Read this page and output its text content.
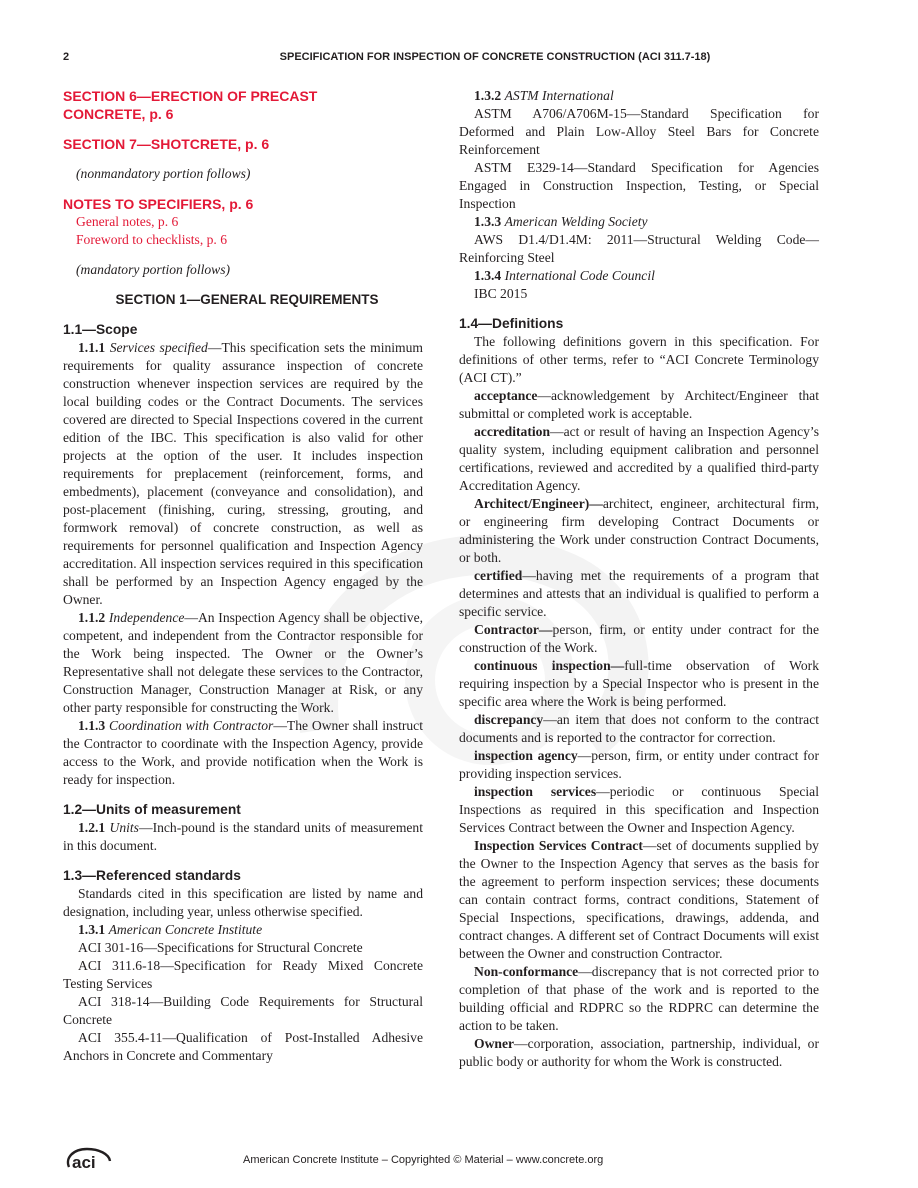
2	SPECIFICATION FOR INSPECTION OF CONCRETE CONSTRUCTION (ACI 311.7-18)
SECTION 6—ERECTION OF PRECAST CONCRETE, p. 6
SECTION 7—SHOTCRETE, p. 6
(nonmandatory portion follows)
NOTES TO SPECIFIERS, p. 6
General notes, p. 6
Foreword to checklists, p. 6
(mandatory portion follows)
SECTION 1—GENERAL REQUIREMENTS
1.1—Scope

1.1.1 Services specified—This specification sets the minimum requirements for quality assurance inspection of concrete construction whenever inspection services are required by the local building codes or the Contract Documents. The services covered are directed to Special Inspections covered in the current edition of the IBC. This specification is also valid for other projects at the option of the user. It includes inspection requirements for preplacement (reinforcement, forms, and embedments), placement (conveyance and consolidation), and post-placement (finishing, curing, stressing, grouting, and formwork removal) of concrete construction, as well as requirements for personnel qualification and Inspection Agency accreditation. All inspection services required in this specification shall be performed by an Inspection Agency engaged by the Owner.

1.1.2 Independence—An Inspection Agency shall be objective, competent, and independent from the Contractor responsible for the Work being inspected. The Owner or the Owner’s Representative shall not delegate these services to the Contractor, Construction Manager, Construction Manager at Risk, or any other party responsible for constructing the Work.

1.1.3 Coordination with Contractor—The Owner shall instruct the Contractor to coordinate with the Inspection Agency, provide access to the Work, and provide notification when the Work is ready for inspection.

1.2—Units of measurement

1.2.1 Units—Inch-pound is the standard units of measurement in this document.

1.3—Referenced standards

Standards cited in this specification are listed by name and designation, including year, unless otherwise specified.

1.3.1 American Concrete Institute

ACI 301-16—Specifications for Structural Concrete

ACI 311.6-18—Specification for Ready Mixed Concrete Testing Services

ACI 318-14—Building Code Requirements for Structural Concrete

ACI 355.4-11—Qualification of Post-Installed Adhesive Anchors in Concrete and Commentary

1.3.2 ASTM International

ASTM A706/A706M-15—Standard Specification for Deformed and Plain Low-Alloy Steel Bars for Concrete Reinforcement

ASTM E329-14—Standard Specification for Agencies Engaged in Construction Inspection, Testing, or Special Inspection

1.3.3 American Welding Society

AWS D1.4/D1.4M: 2011—Structural Welding Code—Reinforcing Steel

1.3.4 International Code Council

IBC 2015

1.4—Definitions

The following definitions govern in this specification. For definitions of other terms, refer to “ACI Concrete Terminology (ACI CT).”

acceptance—acknowledgement by Architect/Engineer that submittal or completed work is acceptable.

accreditation—act or result of having an Inspection Agency’s quality system, including equipment calibration and personnel certifications, reviewed and accredited by a qualified third-party Accreditation Agency.

Architect/Engineer)—architect, engineer, architectural firm, or engineering firm developing Contract Documents or administering the Work under construction Contract Documents, or both.

certified—having met the requirements of a program that determines and attests that an individual is qualified to perform a specific service.

Contractor—person, firm, or entity under contract for the construction of the Work.

continuous inspection—full-time observation of Work requiring inspection by a Special Inspector who is present in the specific area where the Work is being performed.

discrepancy—an item that does not conform to the contract documents and is reported to the contractor for correction.

inspection agency—person, firm, or entity under contract for providing inspection services.

inspection services—periodic or continuous Special Inspections as required in this specification and Inspection Services Contract between the Owner and Inspection Agency.

Inspection Services Contract—set of documents supplied by the Owner to the Inspection Agency that serves as the basis for the agreement to perform inspection services; these documents can contain contract forms, contract conditions, Statement of Special Inspections, specifications, drawings, addenda, and contract changes. A different set of Contract Documents will exist between the Owner and construction Contractor.

Non-conformance—discrepancy that is not corrected prior to completion of that phase of the work and is reported to the building official and RDPRC so the RDPRC can determine the action to be taken.

Owner—corporation, association, partnership, individual, or public body or authority for whom the Work is constructed.

aci	American Concrete Institute – Copyrighted © Material – www.concrete.org
